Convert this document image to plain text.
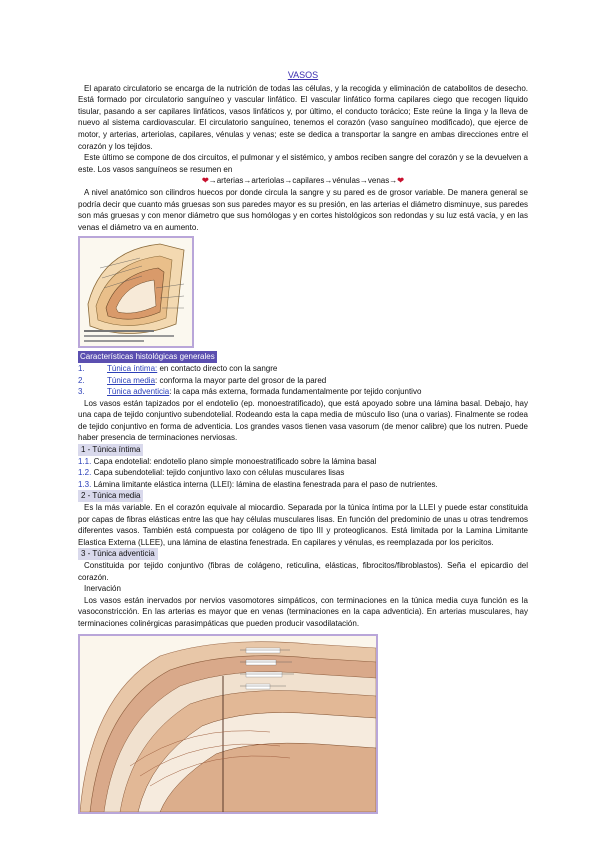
VASOS

El aparato circulatorio se encarga de la nutrición de todas las células, y la recogida y eliminación de catabolitos de desecho. Está formado por circulatorio sanguíneo y vascular linfático. El vascular linfático forma capilares ciego que recogen líquido tisular, pasando a ser capilares linfáticos, vasos linfáticos y, por último, el conducto torácico; Este reúne la linga y la lleva de nuevo al sistema cardiovascular. El circulatorio sanguíneo, tenemos el corazón (vaso sanguíneo modificado), que ejerce de motor, y arterias, arteriolas, capilares, vénulas y venas; este se dedica a transportar la sangre en ambas direcciones entre el corazón y los tejidos.

Este último se compone de dos circuitos, el pulmonar y el sistémico, y ambos reciben sangre del corazón y se la devuelven a este. Los vasos sanguíneos se resumen en

❤→arterias→arteriolas→capilares→vénulas→venas→❤

A nivel anatómico son cilindros huecos por donde circula la sangre y su pared es de grosor variable. De manera general se podría decir que cuanto más gruesas son sus paredes mayor es su presión, en las arterias el diámetro disminuye, sus paredes son más gruesas y con menor diámetro que sus homólogas y en cortes histológicos son redondas y su luz está vacía, y en las venas el diámetro va en aumento.

Características histológicas generales
1.	Túnica íntima: en contacto directo con la sangre
2.	Túnica media: conforma la mayor parte del grosor de la pared
3.	Túnica adventicia: la capa más externa, formada fundamentalmente por tejido conjuntivo

Los vasos están tapizados por el endotelio (ep. monoestratificado), que está apoyado sobre una lámina basal. Debajo, hay una capa de tejido conjuntivo subendotelial. Rodeando esta la capa media de músculo liso (una o varias). Finalmente se rodea de tejido conjuntivo en forma de adventicia. Los grandes vasos tienen vasa vasorum (de menor calibre) que los nutren. Puede haber presencia de terminaciones nerviosas.

1 - Túnica íntima
1.1. Capa endotelial: endotelio plano simple monoestratificado sobre la lámina basal
1.2. Capa subendotelial: tejido conjuntivo laxo con células musculares lisas
1.3. Lámina limitante elástica interna (LLEI): lámina de elastina fenestrada para el paso de nutrientes.
2 - Túnica media

Es la más variable. En el corazón equivale al miocardio. Separada por la túnica íntima por la LLEI y puede estar constituida por capas de fibras elásticas entre las que hay células musculares lisas. En función del predominio de unas u otras tendremos diferentes vasos. También está compuesta por colágeno de tipo III y proteoglicanos. Está limitada por la Lamina Limitante Elastica Externa (LLEE), una lámina de elastina fenestrada. En capilares y vénulas, es reemplazada por los pericitos.

3 - Túnica adventicia

Constituida por tejido conjuntivo (fibras de colágeno, reticulina, elásticas, fibrocitos/fibroblastos). Seña el epicardio del corazón.

Inervación

Los vasos están inervados por nervios vasomotores simpáticos, con terminaciones en la túnica media cuya función es la vasoconstricción. En las arterias es mayor que en venas (terminaciones en la capa adventicia). En arterias musculares, hay terminaciones colinérgicas parasimpáticas que pueden producir vasodilatación.
